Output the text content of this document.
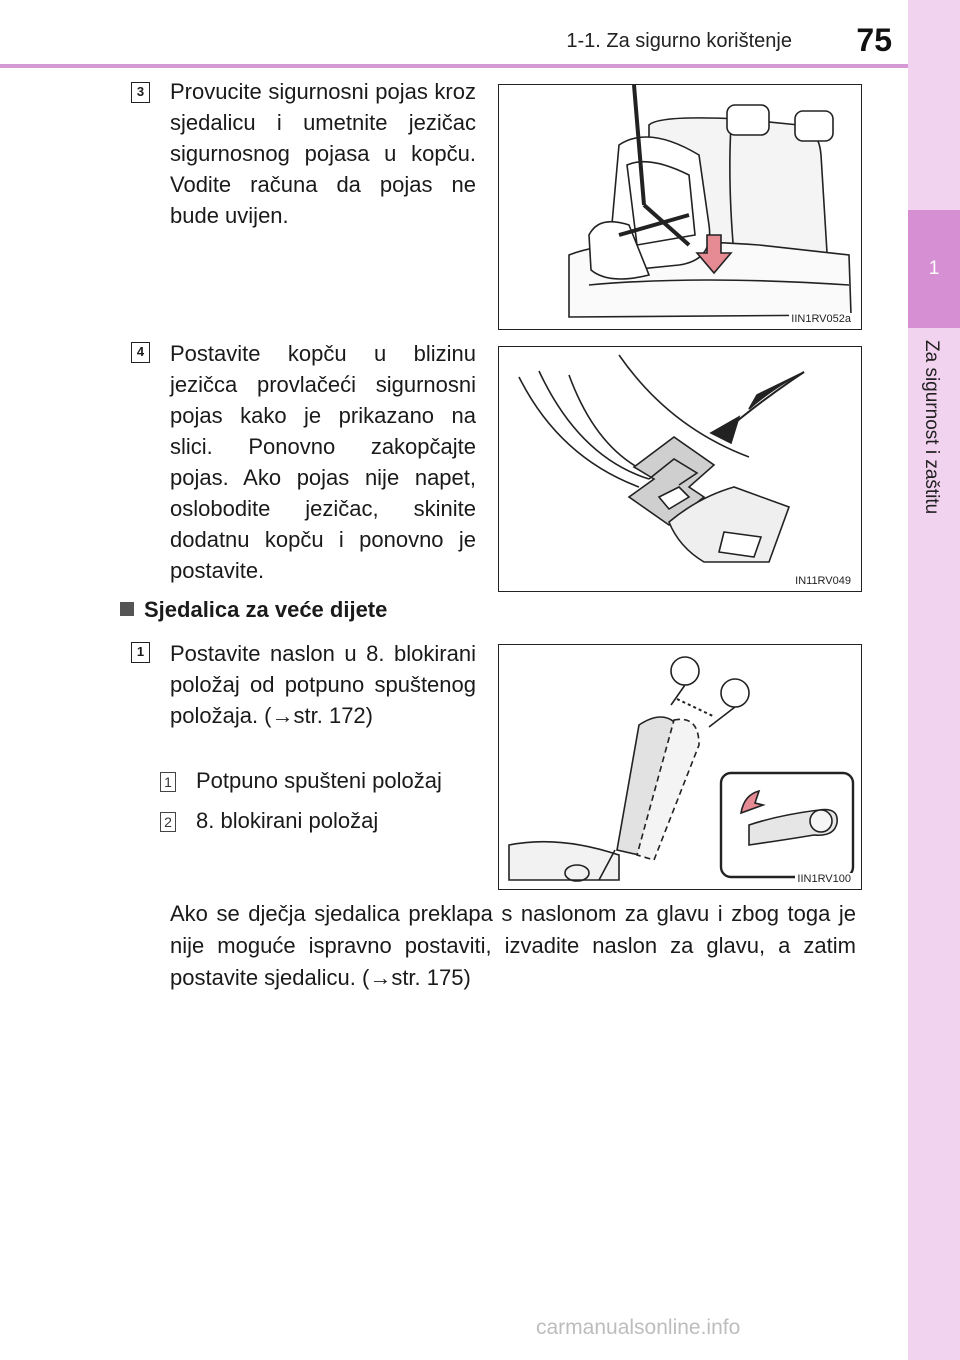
1-1. Za sigurno korištenje	75
1
Za sigurnost i zaštitu
3 Provucite sigurnosni pojas kroz sjedalicu i umetnite jezičac sigurnosnog pojasa u kopču. Vodite računa da pojas ne bude uvijen.
IIN1RV052a
4 Postavite kopču u blizinu jezičca provlačeći sigurnosni pojas kako je prikazano na slici. Ponovno zakopčajte pojas. Ako pojas nije napet, oslobodite jezičac, skinite dodatnu kopču i ponovno je postavite.	IN11RV049
Sjedalica za veće dijete
1 Postavite naslon u 8. blokirani položaj od potpuno spuštenog položaja. (→str. 172)
1 Potpuno spušteni položaj
2 8. blokirani položaj
IIN1RV100
Ako se dječja sjedalica preklapa s naslonom za glavu i zbog toga je nije moguće ispravno postaviti, izvadite naslon za glavu, a zatim postavite sjedalicu. (→str. 175)
carmanualsonline.info
